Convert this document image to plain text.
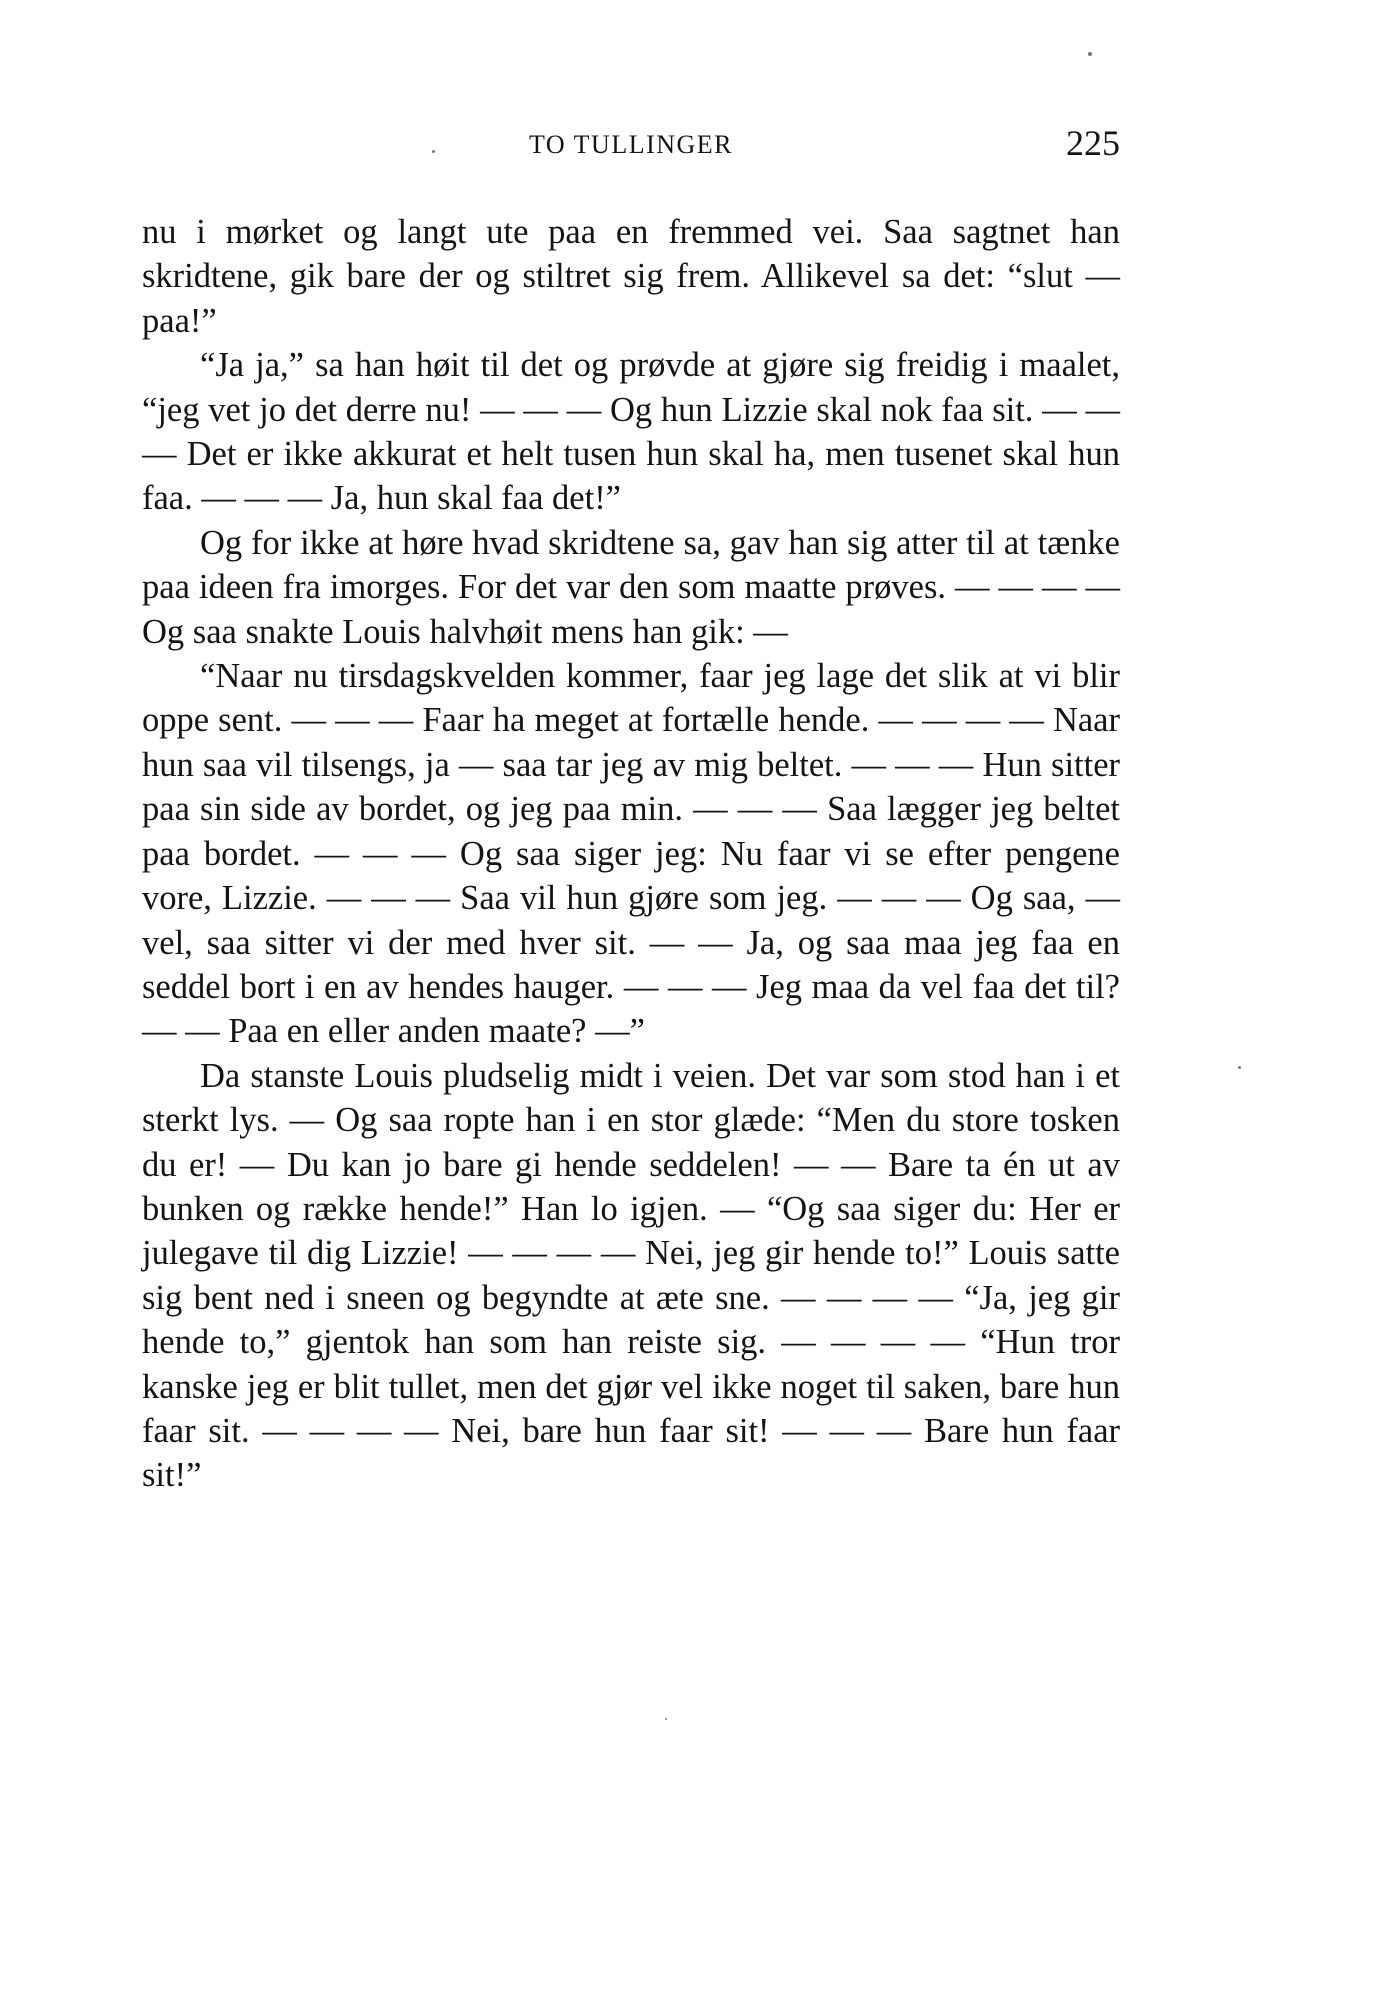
TO TULLINGER	225

nu i mørket og langt ute paa en fremmed vei. Saa sagtnet han skridtene, gik bare der og stiltret sig frem. Allikevel sa det: “slut — paa!”

“Ja ja,” sa han høit til det og prøvde at gjøre sig freidig i maalet, “jeg vet jo det derre nu! — — — Og hun Lizzie skal nok faa sit. — — — Det er ikke akkurat et helt tusen hun skal ha, men tusenet skal hun faa. — — — Ja, hun skal faa det!”

Og for ikke at høre hvad skridtene sa, gav han sig atter til at tænke paa ideen fra imorges. For det var den som maatte prøves. — — — — Og saa snakte Louis halvhøit mens han gik: —

“Naar nu tirsdagskvelden kommer, faar jeg lage det slik at vi blir oppe sent. — — — Faar ha meget at fortælle hende. — — — — Naar hun saa vil tilsengs, ja — saa tar jeg av mig beltet. — — — Hun sitter paa sin side av bordet, og jeg paa min. — — — Saa lægger jeg beltet paa bordet. — — — Og saa siger jeg: Nu faar vi se efter pengene vore, Lizzie. — — — Saa vil hun gjøre som jeg. — — — Og saa, — vel, saa sitter vi der med hver sit. — — Ja, og saa maa jeg faa en seddel bort i en av hendes hauger. — — — Jeg maa da vel faa det til? — — Paa en eller anden maate? —”

Da stanste Louis pludselig midt i veien. Det var som stod han i et sterkt lys. — Og saa ropte han i en stor glæde: “Men du store tosken du er! — Du kan jo bare gi hende seddelen! — — Bare ta én ut av bunken og række hende!” Han lo igjen. — “Og saa siger du: Her er julegave til dig Lizzie! — — — — Nei, jeg gir hende to!” Louis satte sig bent ned i sneen og begyndte at æte sne. — — — — “Ja, jeg gir hende to,” gjentok han som han reiste sig. — — — — “Hun tror kanske jeg er blit tullet, men det gjør vel ikke noget til saken, bare hun faar sit. — — — — Nei, bare hun faar sit! — — — Bare hun faar sit!”
